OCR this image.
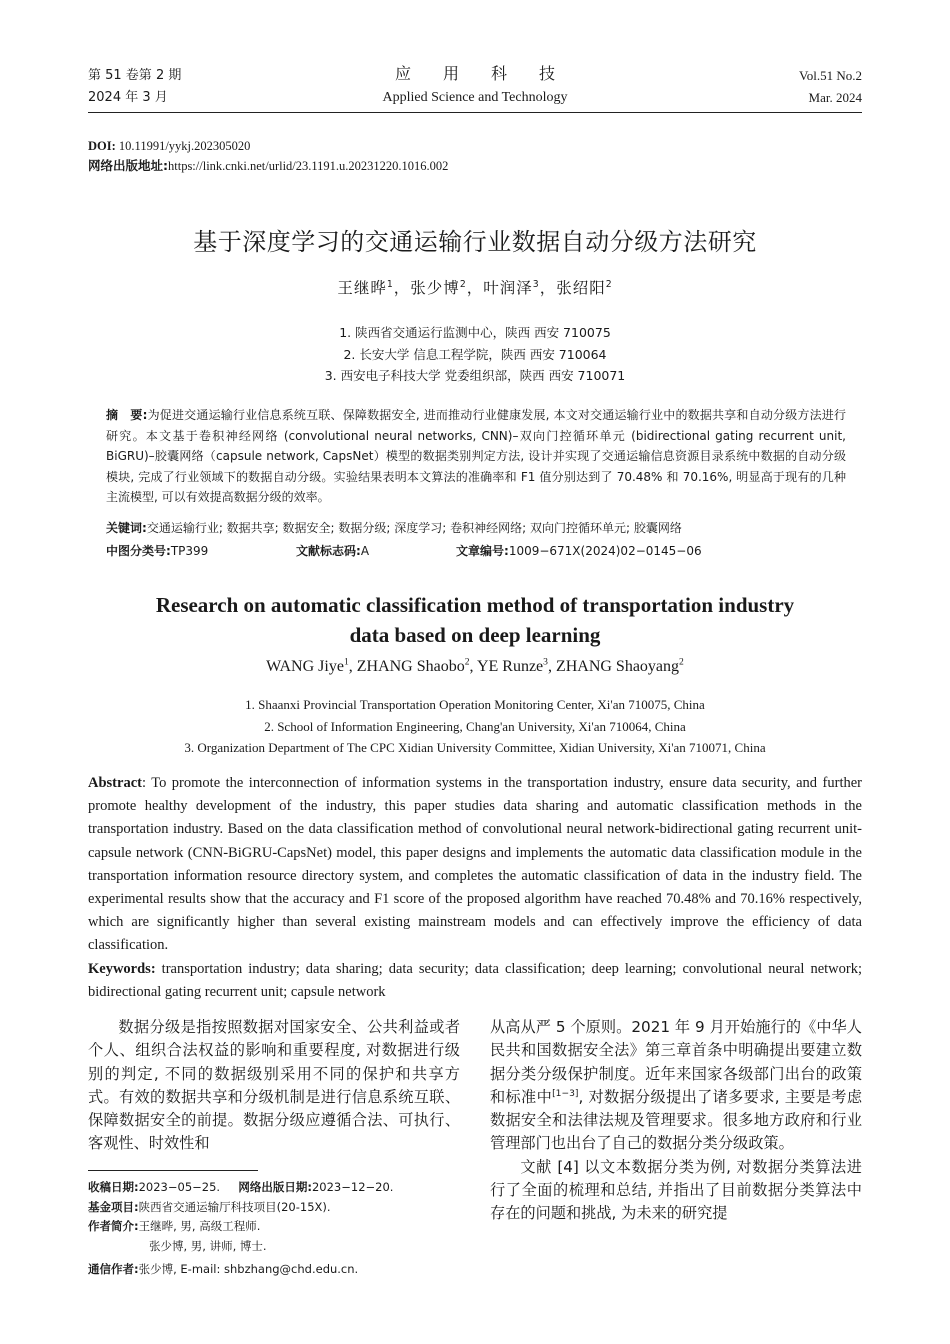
第 51 卷第 2 期
2024 年 3 月
应　　用　　科　　技
Applied Science and Technology
Vol.51 No.2
Mar. 2024
DOI: 10.11991/yykj.202305020
网络出版地址:https://link.cnki.net/urlid/23.1191.u.20231220.1016.002
基于深度学习的交通运输行业数据自动分级方法研究
王继晔$^1$，张少博$^2$，叶润泽$^3$，张绍阳$^2$
1. 陕西省交通运行监测中心，陕西 西安 710075
2. 长安大学 信息工程学院，陕西 西安 710064
3. 西安电子科技大学 党委组织部，陕西 西安 710071
摘　要:为促进交通运输行业信息系统互联、保障数据安全, 进而推动行业健康发展, 本文对交通运输行业中的数据共享和自动分级方法进行研究。本文基于卷积神经网络 (convolutional neural networks, CNN)–双向门控循环单元 (bidirectional gating recurrent unit, BiGRU)–胶囊网络（capsule network, CapsNet）模型的数据类别判定方法, 设计并实现了交通运输信息资源目录系统中数据的自动分级模块, 完成了行业领域下的数据自动分级。实验结果表明本文算法的准确率和 F1 值分别达到了 70.48% 和 70.16%, 明显高于现有的几种主流模型, 可以有效提高数据分级的效率。
关键词:交通运输行业; 数据共享; 数据安全; 数据分级; 深度学习; 卷积神经网络; 双向门控循环单元; 胶囊网络
中图分类号:TP399	文献标志码:A	文章编号:1009−671X(2024)02−0145−06
Research on automatic classification method of transportation industry
data based on deep learning
WANG Jiye$^1$, ZHANG Shaobo$^2$, YE Runze$^3$, ZHANG Shaoyang$^2$
1. Shaanxi Provincial Transportation Operation Monitoring Center, Xi'an 710075, China
2. School of Information Engineering, Chang'an University, Xi'an 710064, China
3. Organization Department of The CPC Xidian University Committee, Xidian University, Xi'an 710071, China
Abstract: To promote the interconnection of information systems in the transportation industry, ensure data security, and further promote healthy development of the industry, this paper studies data sharing and automatic classification methods in the transportation industry. Based on the data classification method of convolutional neural network-bidirectional gating recurrent unit-capsule network (CNN-BiGRU-CapsNet) model, this paper designs and implements the automatic data classification module in the transportation information resource directory system, and completes the automatic classification of data in the industry field. The experimental results show that the accuracy and F1 score of the proposed algorithm have reached 70.48% and 70.16% respectively, which are significantly higher than several existing mainstream models and can effectively improve the efficiency of data classification.
Keywords: transportation industry; data sharing; data security; data classification; deep learning; convolutional neural network; bidirectional gating recurrent unit; capsule network

数据分级是指按照数据对国家安全、公共利益或者个人、组织合法权益的影响和重要程度, 对数据进行级别的判定, 不同的数据级别采用不同的保护和共享方式。有效的数据共享和分级机制是进行信息系统互联、保障数据安全的前提。数据分级应遵循合法、可执行、客观性、时效性和

从高从严 5 个原则。2021 年 9 月开始施行的《中华人民共和国数据安全法》第三章首条中明确提出要建立数据分类分级保护制度。近年来国家各级部门出台的政策和标准中[1−3], 对数据分级提出了诸多要求, 主要是考虑数据安全和法律法规及管理要求。很多地方政府和行业管理部门也出台了自己的数据分类分级政策。

文献 [4] 以文本数据分类为例, 对数据分类算法进行了全面的梳理和总结, 并指出了目前数据分类算法中存在的问题和挑战, 为未来的研究提

收稿日期:2023−05−25. 网络出版日期:2023−12−20.
基金项目:陕西省交通运输厅科技项目(20-15X).
作者简介:王继晔, 男, 高级工程师.
张少博, 男, 讲师, 博士.
通信作者:张少博, E-mail: shbzhang@chd.edu.cn.
